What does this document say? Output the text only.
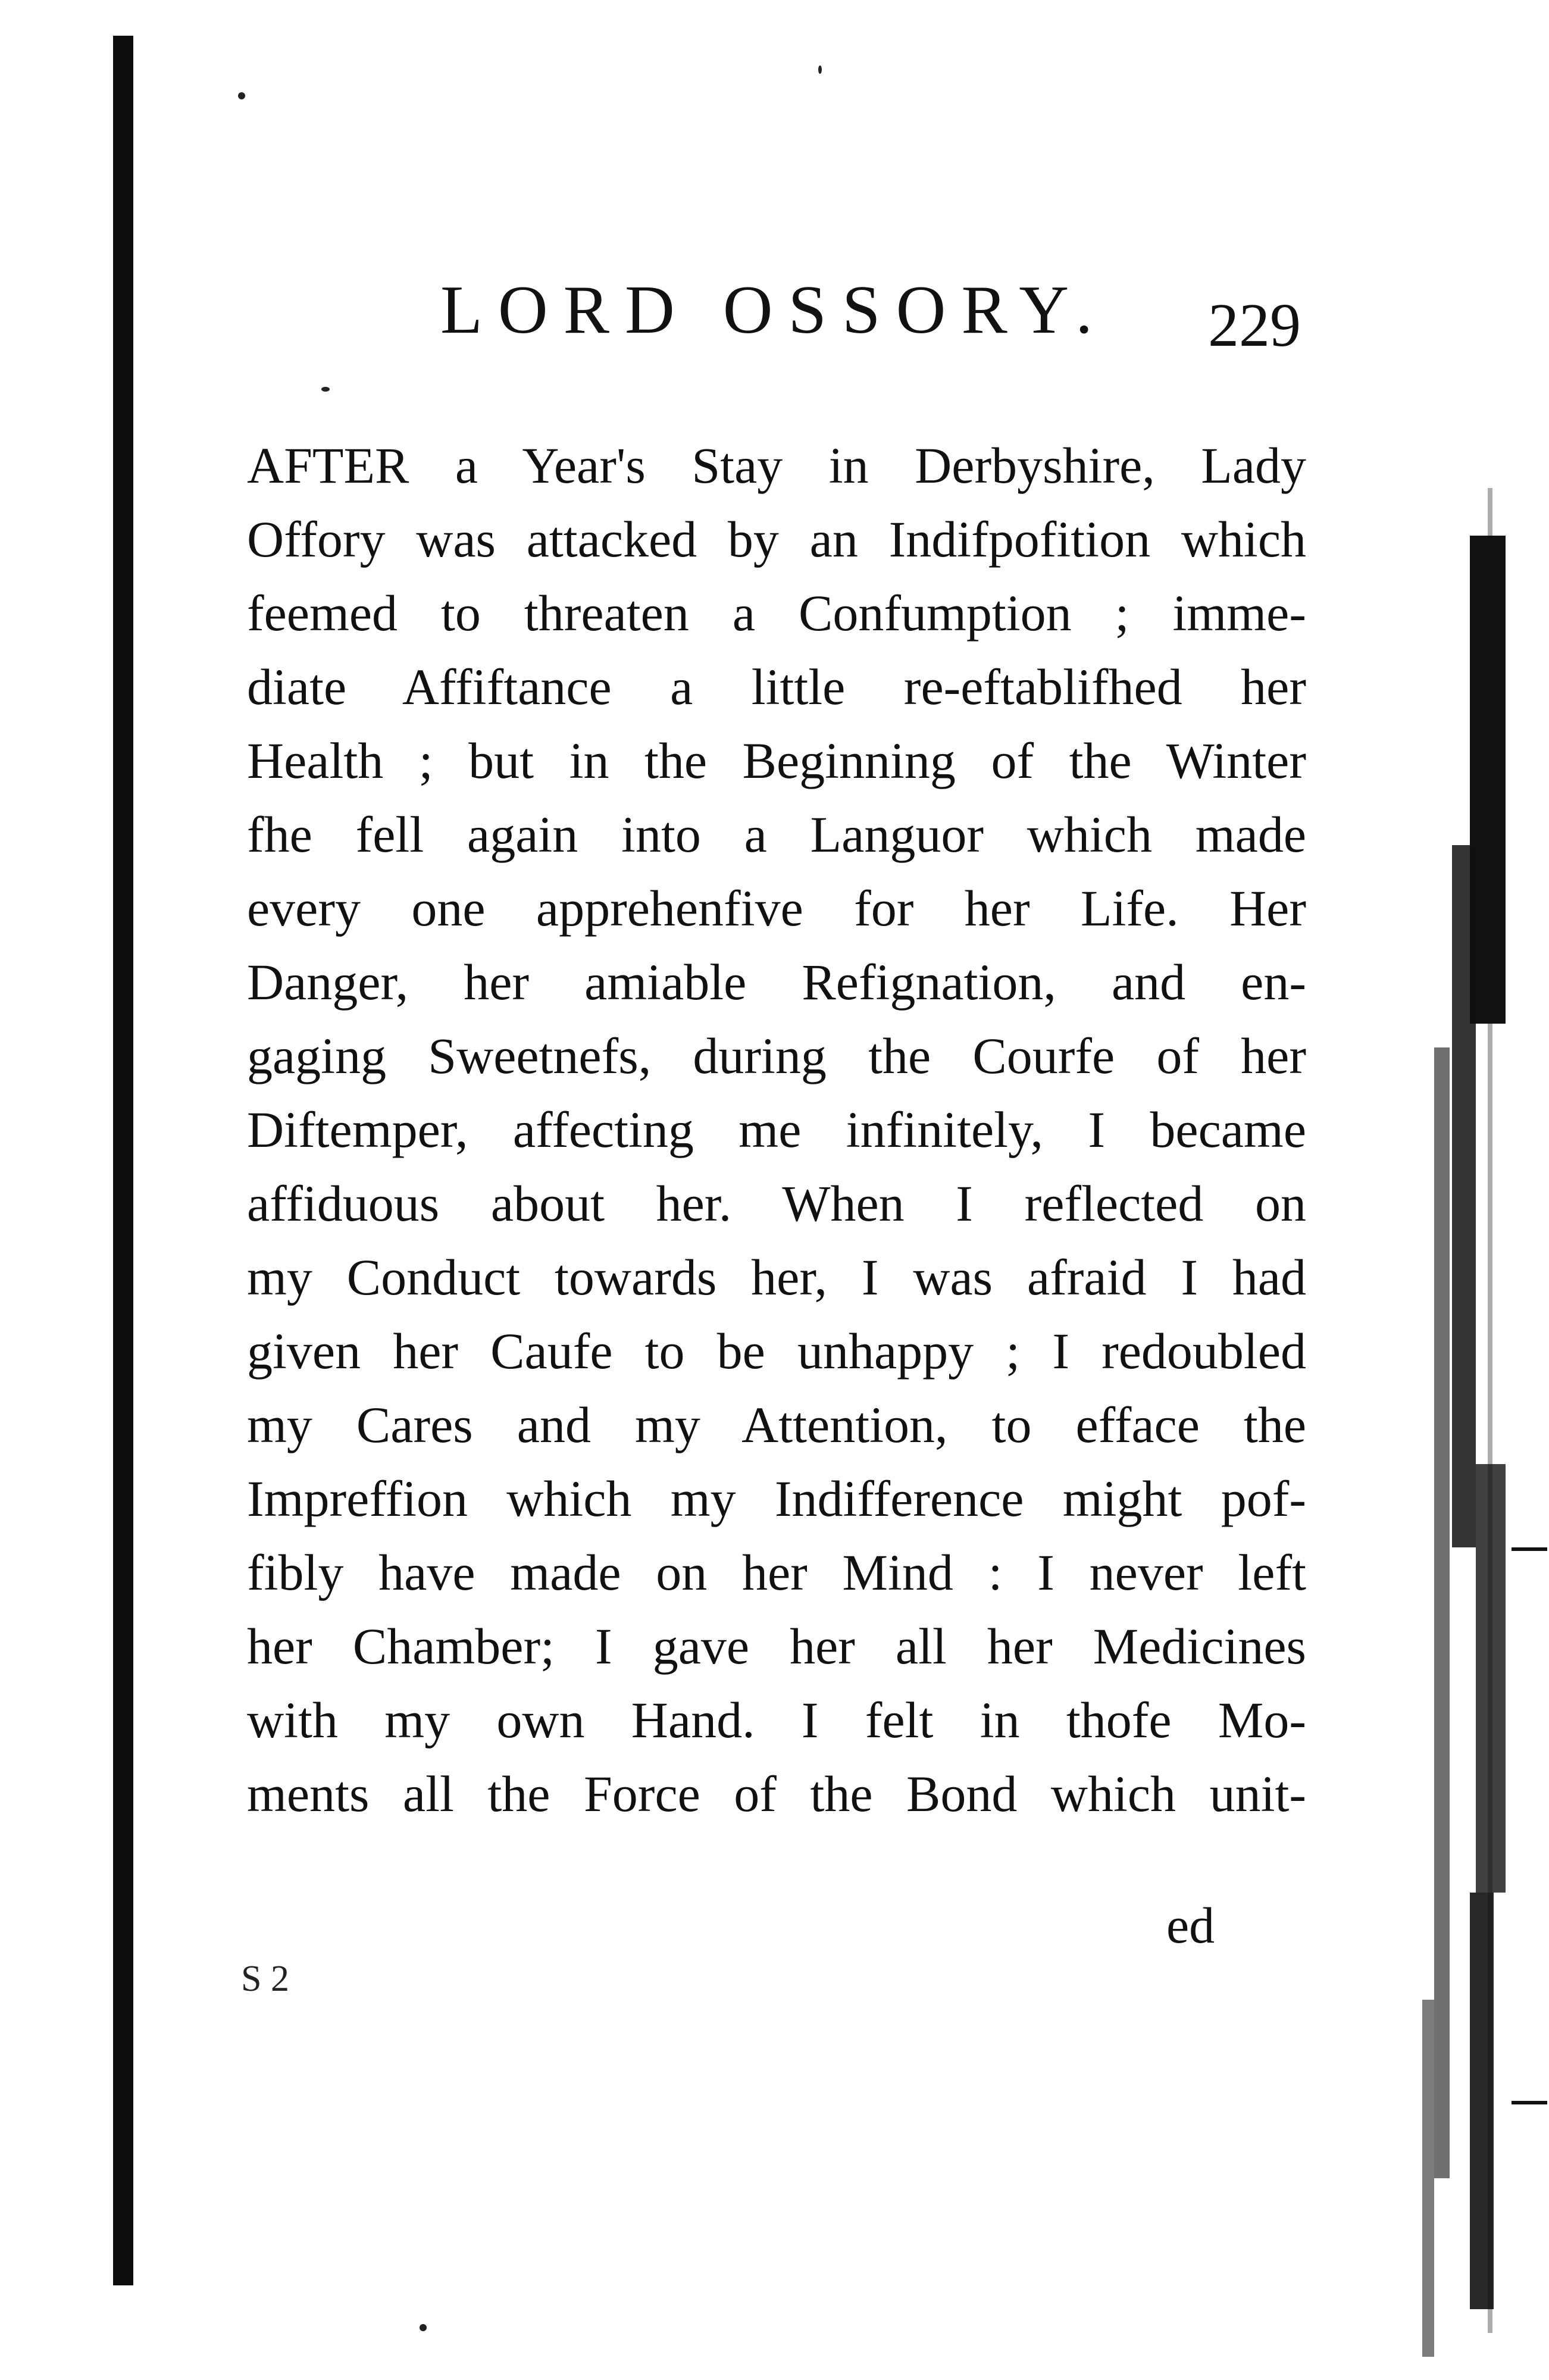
LORD OSSORY. 229
AFTER a Year's Stay in Derbyshire, Lady
Offory was attacked by an Indifpofition which
feemed to threaten a Confumption ; imme-
diate Affiftance a little re-eftablifhed her
Health ; but in the Beginning of the Winter
fhe fell again into a Languor which made
every one apprehenfive for her Life. Her
Danger, her amiable Refignation, and en-
gaging Sweetnefs, during the Courfe of her
Diftemper, affecting me infinitely, I became
affiduous about her. When I reflected on
my Conduct towards her, I was afraid I had
given her Caufe to be unhappy ; I redoubled
my Cares and my Attention, to efface the
Impreffion which my Indifference might pof-
fibly have made on her Mind : I never left
her Chamber; I gave her all her Medicines
with my own Hand. I felt in thofe Mo-
ments all the Force of the Bond which unit-
ed
S 2
